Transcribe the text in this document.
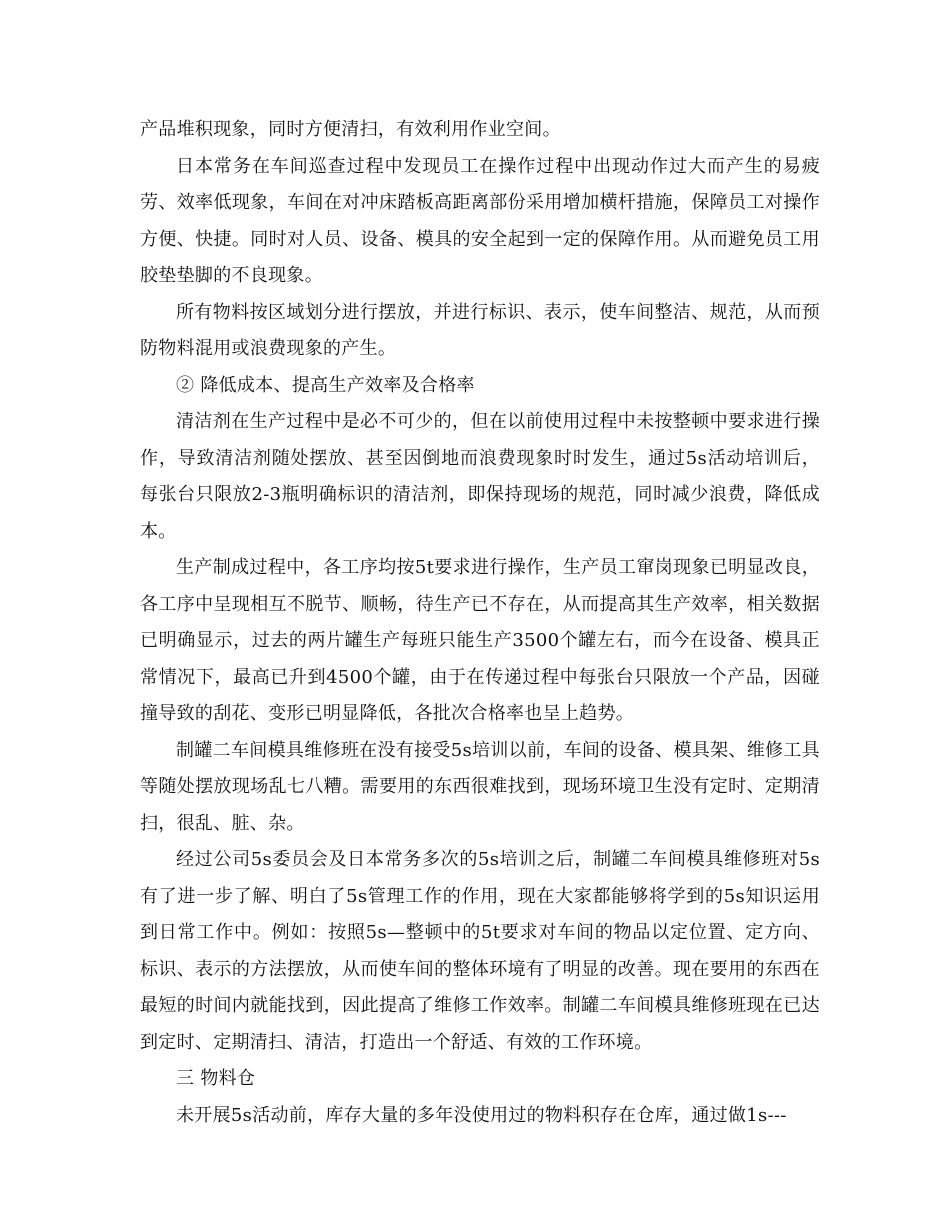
产品堆积现象，同时方便清扫，有效利用作业空间。

日本常务在车间巡查过程中发现员工在操作过程中出现动作过大而产生的易疲劳、效率低现象，车间在对冲床踏板高距离部份采用增加横杆措施，保障员工对操作方便、快捷。同时对人员、设备、模具的安全起到一定的保障作用。从而避免员工用胶垫垫脚的不良现象。

所有物料按区域划分进行摆放，并进行标识、表示，使车间整洁、规范，从而预防物料混用或浪费现象的产生。

② 降低成本、提高生产效率及合格率

清洁剂在生产过程中是必不可少的，但在以前使用过程中未按整顿中要求进行操作，导致清洁剂随处摆放、甚至因倒地而浪费现象时时发生，通过5s活动培训后，每张台只限放2-3瓶明确标识的清洁剂，即保持现场的规范，同时减少浪费，降低成本。

生产制成过程中，各工序均按5t要求进行操作，生产员工窜岗现象已明显改良，各工序中呈现相互不脱节、顺畅，待生产已不存在，从而提高其生产效率，相关数据已明确显示，过去的两片罐生产每班只能生产3500个罐左右，而今在设备、模具正常情况下，最高已升到4500个罐，由于在传递过程中每张台只限放一个产品，因碰撞导致的刮花、变形已明显降低，各批次合格率也呈上趋势。

制罐二车间模具维修班在没有接受5s培训以前，车间的设备、模具架、维修工具等随处摆放现场乱七八糟。需要用的东西很难找到，现场环境卫生没有定时、定期清扫，很乱、脏、杂。

经过公司5s委员会及日本常务多次的5s培训之后，制罐二车间模具维修班对5s有了进一步了解、明白了5s管理工作的作用，现在大家都能够将学到的5s知识运用到日常工作中。例如：按照5s—整顿中的5t要求对车间的物品以定位置、定方向、标识、表示的方法摆放，从而使车间的整体环境有了明显的改善。现在要用的东西在最短的时间内就能找到，因此提高了维修工作效率。制罐二车间模具维修班现在已达到定时、定期清扫、清洁，打造出一个舒适、有效的工作环境。

三 物料仓

未开展5s活动前，库存大量的多年没使用过的物料积存在仓库，通过做1s---
